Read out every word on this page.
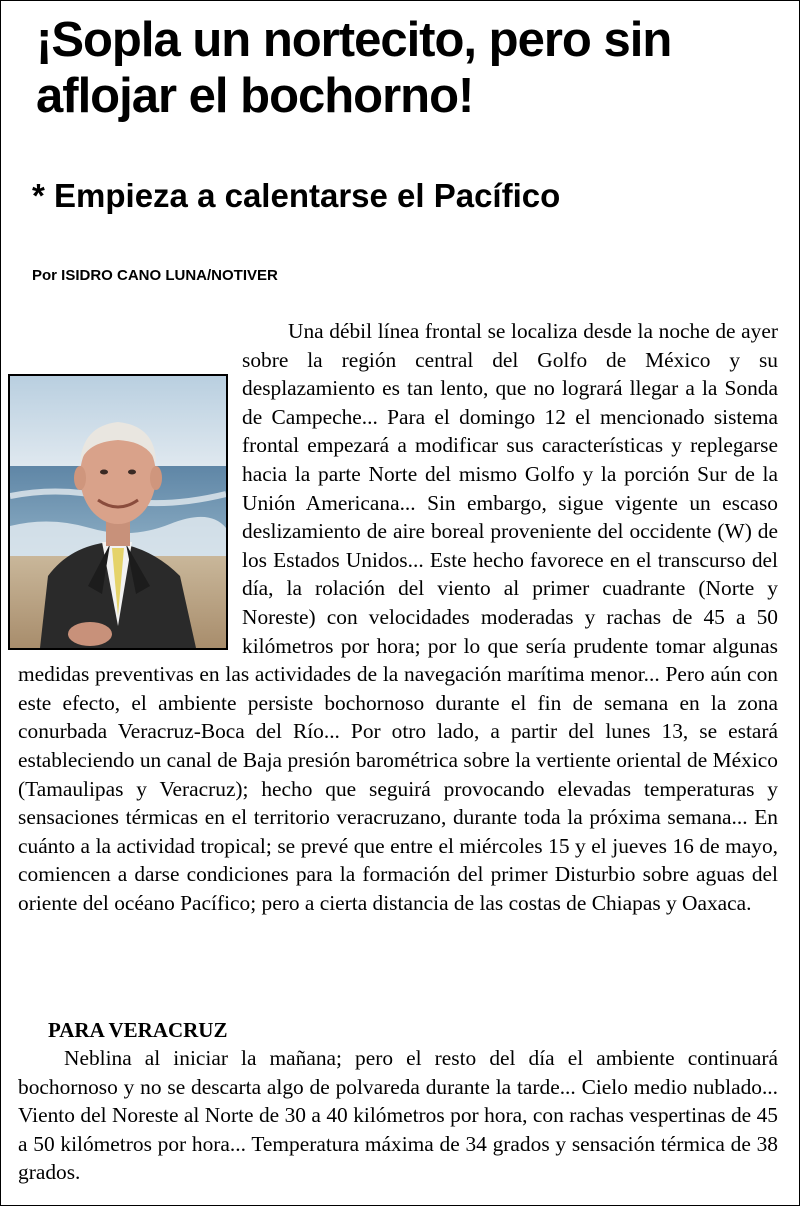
¡Sopla un nortecito, pero sin aflojar el bochorno!
* Empieza a calentarse el Pacífico

Por ISIDRO CANO LUNA/NOTIVER

Una débil línea frontal se localiza desde la noche de ayer sobre la región central del Golfo de México y su desplazamiento es tan lento, que no logrará llegar a la Sonda de Campeche... Para el domingo 12 el mencionado sistema frontal empezará a modificar sus características y replegarse hacia la parte Norte del mismo Golfo y la porción Sur de la Unión Americana... Sin embargo, sigue vigente un escaso deslizamiento de aire boreal proveniente del occidente (W) de los Estados Unidos... Este hecho favorece en el transcurso del día, la rolación del viento al primer cuadrante (Norte y Noreste) con velocidades moderadas y rachas de 45 a 50 kilómetros por hora; por lo que sería prudente tomar algunas medidas preventivas en las actividades de la navegación marítima menor... Pero aún con este efecto, el ambiente persiste bochornoso durante el fin de semana en la zona conurbada Veracruz-Boca del Río... Por otro lado, a partir del lunes 13, se estará estableciendo un canal de Baja presión barométrica sobre la vertiente oriental de México (Tamaulipas y Veracruz); hecho que seguirá provocando elevadas temperaturas y sensaciones térmicas en el territorio veracruzano, durante toda la próxima semana... En cuánto a la actividad tropical; se prevé que entre el miércoles 15 y el jueves 16 de mayo, comiencen a darse condiciones para la formación del primer Disturbio sobre aguas del oriente del océano Pacífico; pero a cierta distancia de las costas de Chiapas y Oaxaca.

PARA VERACRUZ

Neblina al iniciar la mañana; pero el resto del día el ambiente continuará bochornoso y no se descarta algo de polvareda durante la tarde... Cielo medio nublado... Viento del Noreste al Norte de 30 a 40 kilómetros por hora, con rachas vespertinas de 45 a 50 kilómetros por hora... Temperatura máxima de 34 grados y sensación térmica de 38 grados.
